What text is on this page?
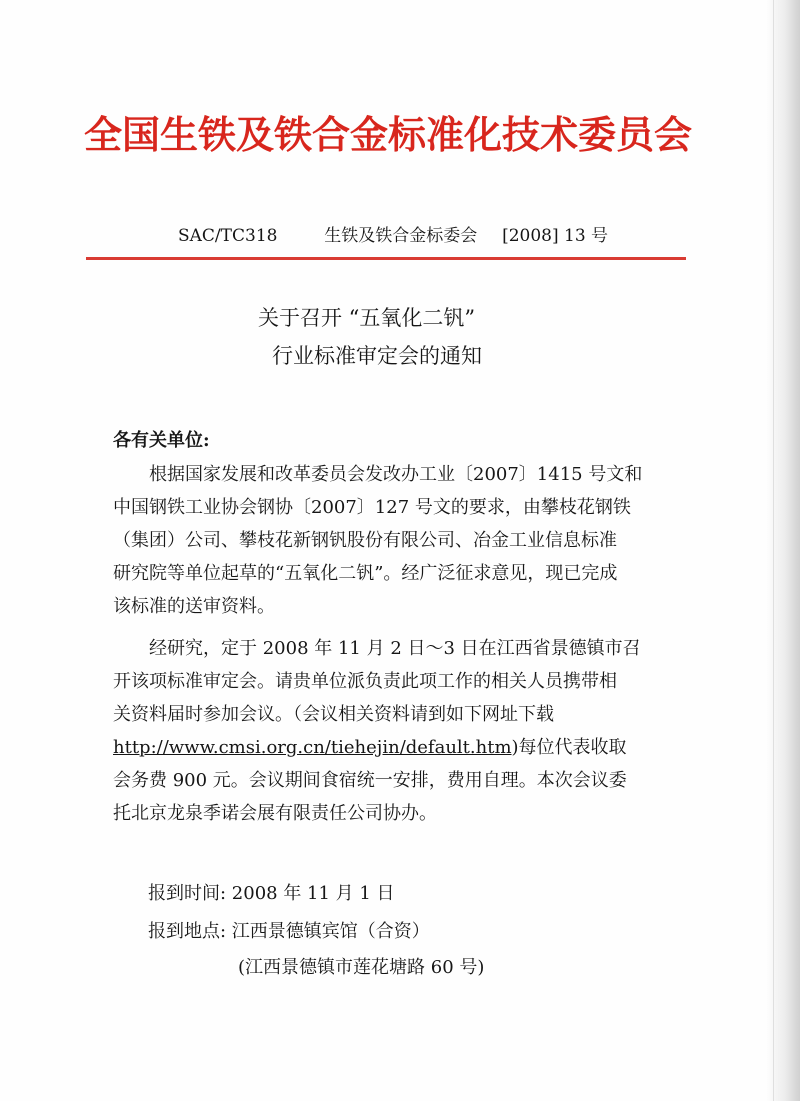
全国生铁及铁合金标准化技术委员会
SAC/TC318	生铁及铁合金标委会 [2008] 13 号
关于召开 “五氧化二钒”
行业标准审定会的通知
各有关单位:
　　根据国家发展和改革委员会发改办工业〔2007〕1415 号文和
中国钢铁工业协会钢协〔2007〕127 号文的要求，由攀枝花钢铁
（集团）公司、攀枝花新钢钒股份有限公司、冶金工业信息标准
研究院等单位起草的“五氧化二钒”。经广泛征求意见，现已完成
该标准的送审资料。
　　经研究，定于 2008 年 11 月 2 日～3 日在江西省景德镇市召
开该项标准审定会。请贵单位派负责此项工作的相关人员携带相
关资料届时参加会议。（会议相关资料请到如下网址下载
http://www.cmsi.org.cn/tiehejin/default.htm)每位代表收取
会务费 900 元。会议期间食宿统一安排，费用自理。本次会议委
托北京龙泉季诺会展有限责任公司协办。
报到时间: 2008 年 11 月 1 日
报到地点: 江西景德镇宾馆（合资）
(江西景德镇市莲花塘路 60 号)
